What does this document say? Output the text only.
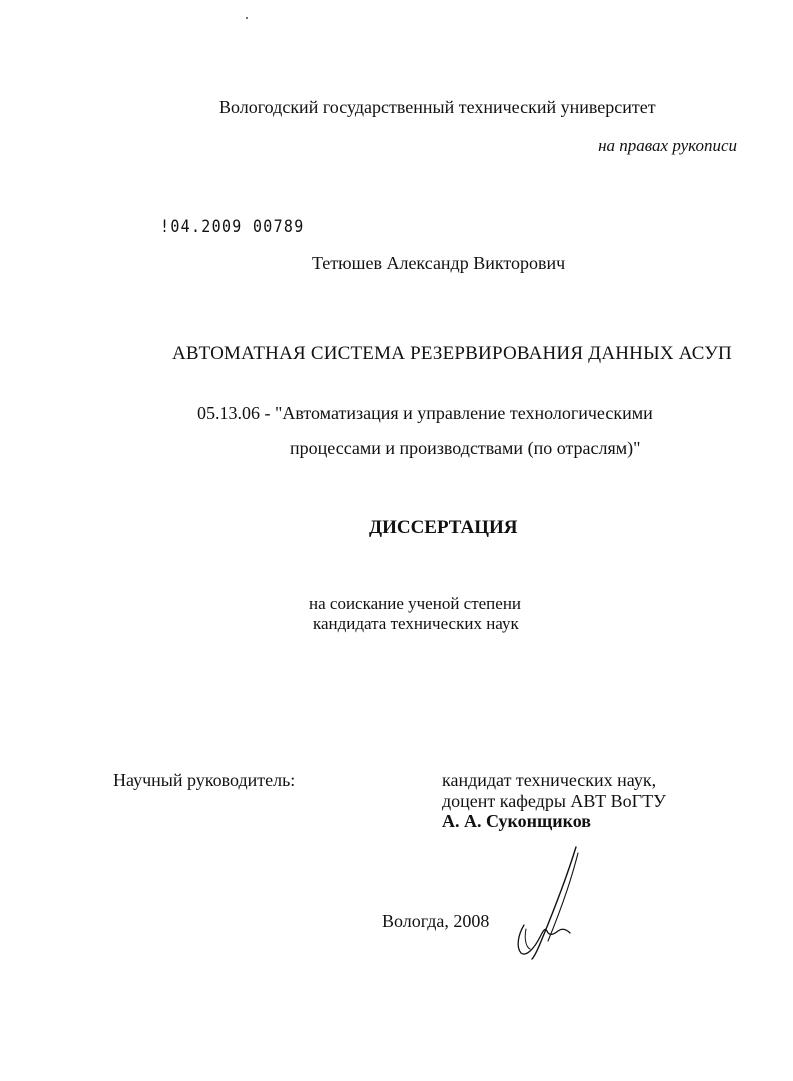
Вологодский государственный технический университет
на правах рукописи
!04.2009 00789
Тетюшев Александр Викторович
АВТОМАТНАЯ СИСТЕМА РЕЗЕРВИРОВАНИЯ ДАННЫХ АСУП
05.13.06 - "Автоматизация и управление технологическими
процессами и производствами (по отраслям)"
ДИССЕРТАЦИЯ
на соискание ученой степени
кандидата технических наук
Научный руководитель:	кандидат технических наук,
доцент кафедры АВТ ВоГТУ
А. А. Суконщиков
Вологда, 2008
